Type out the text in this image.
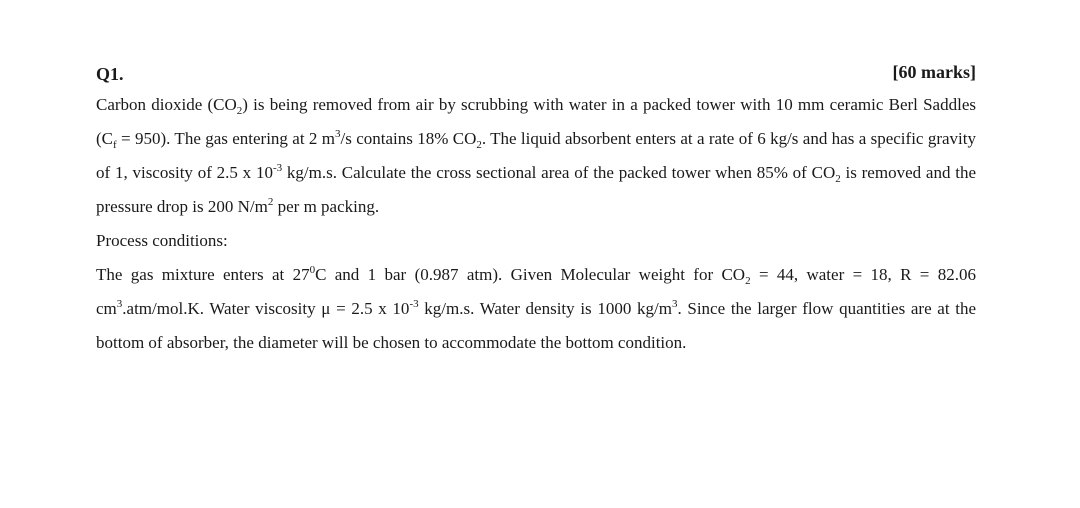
Q1.	[60 marks]

Carbon dioxide $(CO_2)$ is being removed from air by scrubbing with water in a packed tower with 10 mm ceramic Berl Saddles $(C_f = 950)$. The gas entering at 2 $m^3/s$ contains 18% $CO_2$. The liquid absorbent enters at a rate of 6 kg/s and has a specific gravity of 1, viscosity of 2.5 x $10^{-3}$ kg/m.s. Calculate the cross sectional area of the packed tower when 85% of $CO_2$ is removed and the pressure drop is 200 $N/m^2$ per m packing.

Process conditions:

The gas mixture enters at $27^0C$ and 1 bar (0.987 atm). Given Molecular weight for $CO_2 = 44$, water = 18, R = 82.06 $cm^3.atm/mol.K$. Water viscosity μ = 2.5 x $10^{-3}$ kg/m.s. Water density is 1000 $kg/m^3$. Since the larger flow quantities are at the bottom of absorber, the diameter will be chosen to accommodate the bottom condition.
